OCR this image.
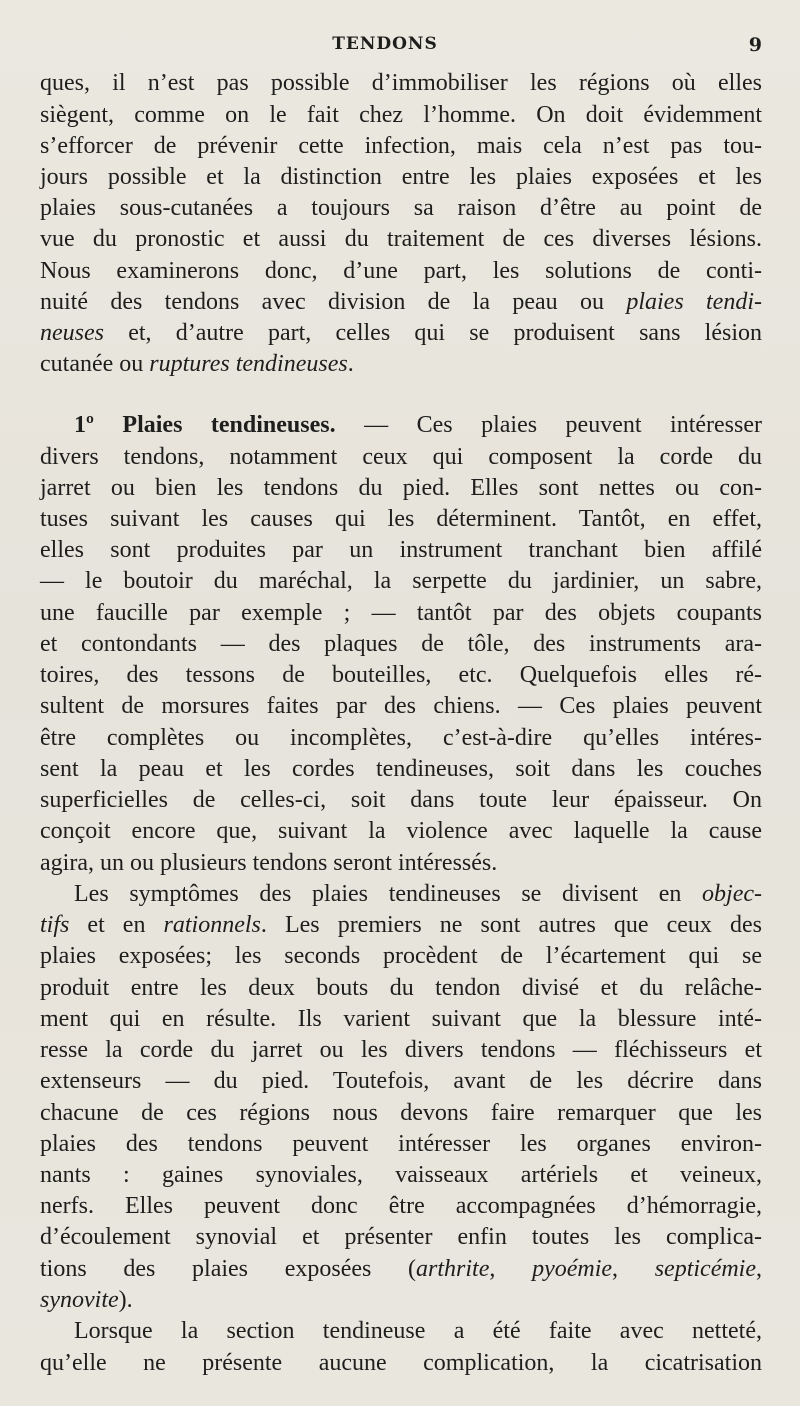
TENDONS	9
ques, il n’est pas possible d’immobiliser les régions où elles
siègent, comme on le fait chez l’homme. On doit évidemment
s’efforcer de prévenir cette infection, mais cela n’est pas tou-
jours possible et la distinction entre les plaies exposées et les
plaies sous-cutanées a toujours sa raison d’être au point de
vue du pronostic et aussi du traitement de ces diverses lésions.
Nous examinerons donc, d’une part, les solutions de conti-
nuité des tendons avec division de la peau ou plaies tendi-
neuses et, d’autre part, celles qui se produisent sans lésion
cutanée ou ruptures tendineuses.
1º Plaies tendineuses. — Ces plaies peuvent intéresser
divers tendons, notamment ceux qui composent la corde du
jarret ou bien les tendons du pied. Elles sont nettes ou con-
tuses suivant les causes qui les déterminent. Tantôt, en effet,
elles sont produites par un instrument tranchant bien affilé
— le boutoir du maréchal, la serpette du jardinier, un sabre,
une faucille par exemple ; — tantôt par des objets coupants
et contondants — des plaques de tôle, des instruments ara-
toires, des tessons de bouteilles, etc. Quelquefois elles ré-
sultent de morsures faites par des chiens. — Ces plaies peuvent
être complètes ou incomplètes, c’est-à-dire qu’elles intéres-
sent la peau et les cordes tendineuses, soit dans les couches
superficielles de celles-ci, soit dans toute leur épaisseur. On
conçoit encore que, suivant la violence avec laquelle la cause
agira, un ou plusieurs tendons seront intéressés.
Les symptômes des plaies tendineuses se divisent en objec-
tifs et en rationnels. Les premiers ne sont autres que ceux des
plaies exposées; les seconds procèdent de l’écartement qui se
produit entre les deux bouts du tendon divisé et du relâche-
ment qui en résulte. Ils varient suivant que la blessure inté-
resse la corde du jarret ou les divers tendons — fléchisseurs et
extenseurs — du pied. Toutefois, avant de les décrire dans
chacune de ces régions nous devons faire remarquer que les
plaies des tendons peuvent intéresser les organes environ-
nants : gaines synoviales, vaisseaux artériels et veineux,
nerfs. Elles peuvent donc être accompagnées d’hémorragie,
d’écoulement synovial et présenter enfin toutes les complica-
tions des plaies exposées (arthrite, pyoémie, septicémie,
synovite).
Lorsque la section tendineuse a été faite avec netteté,
qu’elle ne présente aucune complication, la cicatrisation
